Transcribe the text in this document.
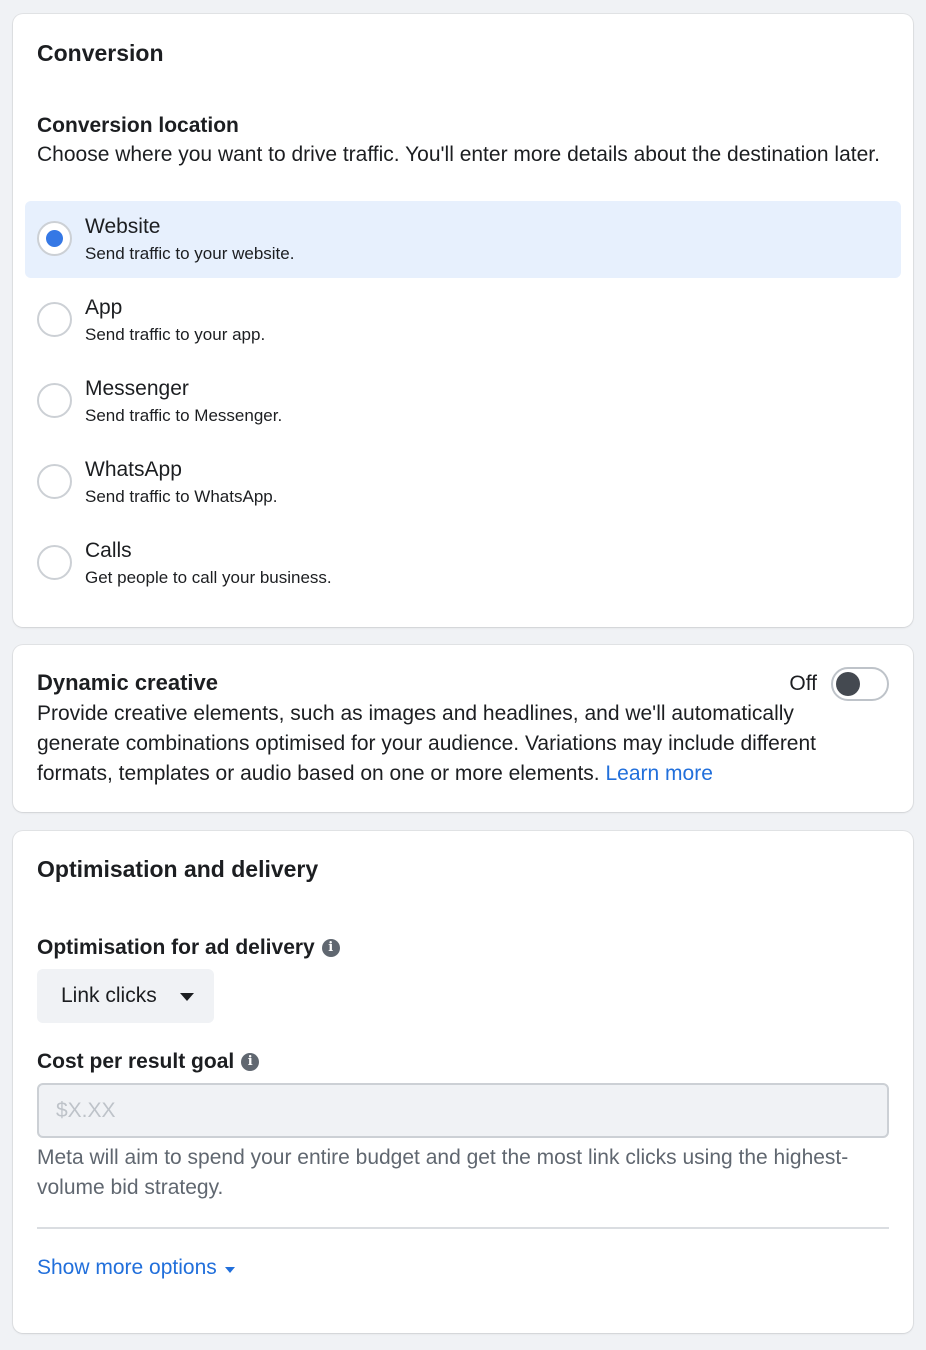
Conversion
Conversion location
Choose where you want to drive traffic. You'll enter more details about the destination later.
Website
Send traffic to your website.
App
Send traffic to your app.
Messenger
Send traffic to Messenger.
WhatsApp
Send traffic to WhatsApp.
Calls
Get people to call your business.
Dynamic creative	Off
Provide creative elements, such as images and headlines, and we'll automatically generate combinations optimised for your audience. Variations may include different formats, templates or audio based on one or more elements. Learn more
Optimisation and delivery
Optimisation for ad delivery	i
Link clicks
Cost per result goal	i
$X.XX
Meta will aim to spend your entire budget and get the most link clicks using the highest-volume bid strategy.
Show more options
